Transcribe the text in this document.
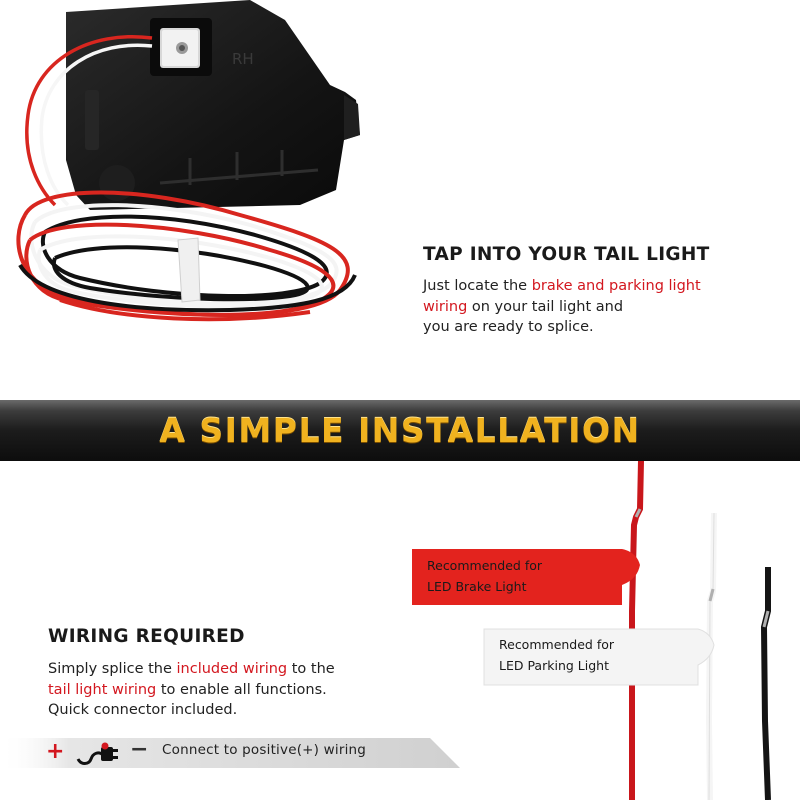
RH
TAP INTO YOUR TAIL LIGHT
Just locate the brake and parking light
wiring on your tail light and
you are ready to splice.
A SIMPLE INSTALLATION
Recommended for
LED Brake Light
Recommended for
LED Parking Light
WIRING REQUIRED
Simply splice the included wiring to the
tail light wiring to enable all functions.
Quick connector included.
+	− Connect to positive(+) wiring
